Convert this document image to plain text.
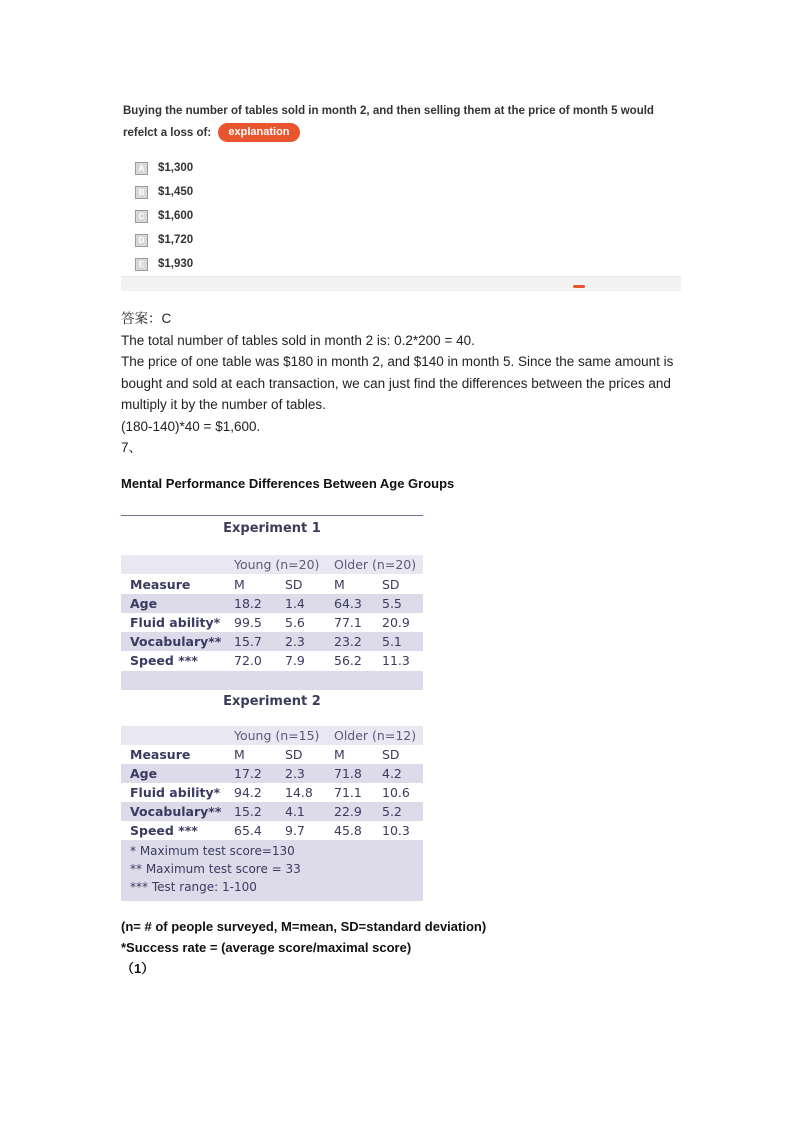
Buying the number of tables sold in month 2, and then selling them at the price of month 5 would refelct a loss of: explanation
A	$1,300
B	$1,450
C	$1,600
D	$1,720
E	$1,930

答案：C

The total number of tables sold in month 2 is: 0.2*200 = 40.

The price of one table was $180 in month 2, and $140 in month 5. Since the same amount is bought and sold at each transaction, we can just find the differences between the prices and multiply it by the number of tables.

(180-140)*40 = $1,600.

7、

Mental Performance Differences Between Age Groups
Experiment 1
Young (n=20) Older (n=20)
Measure	M	SD	M	SD
Age	18.2 1.4 64.3 5.5
Fluid ability* 99.5 5.6 77.1 20.9
Vocabulary** 15.7 2.3 23.2 5.1
Speed ***	72.0 7.9 56.2 11.3
Experiment 2
Young (n=15) Older (n=12)
Measure	M	SD	M	SD
Age	17.2 2.3 71.8 4.2
Fluid ability* 94.2 14.8 71.1 10.6
Vocabulary** 15.2 4.1 22.9 5.2
Speed ***	65.4 9.7 45.8 10.3
* Maximum test score=130
** Maximum test score = 33
*** Test range: 1-100

(n= # of people surveyed, M=mean, SD=standard deviation)

*Success rate = (average score/maximal score)

（1）
